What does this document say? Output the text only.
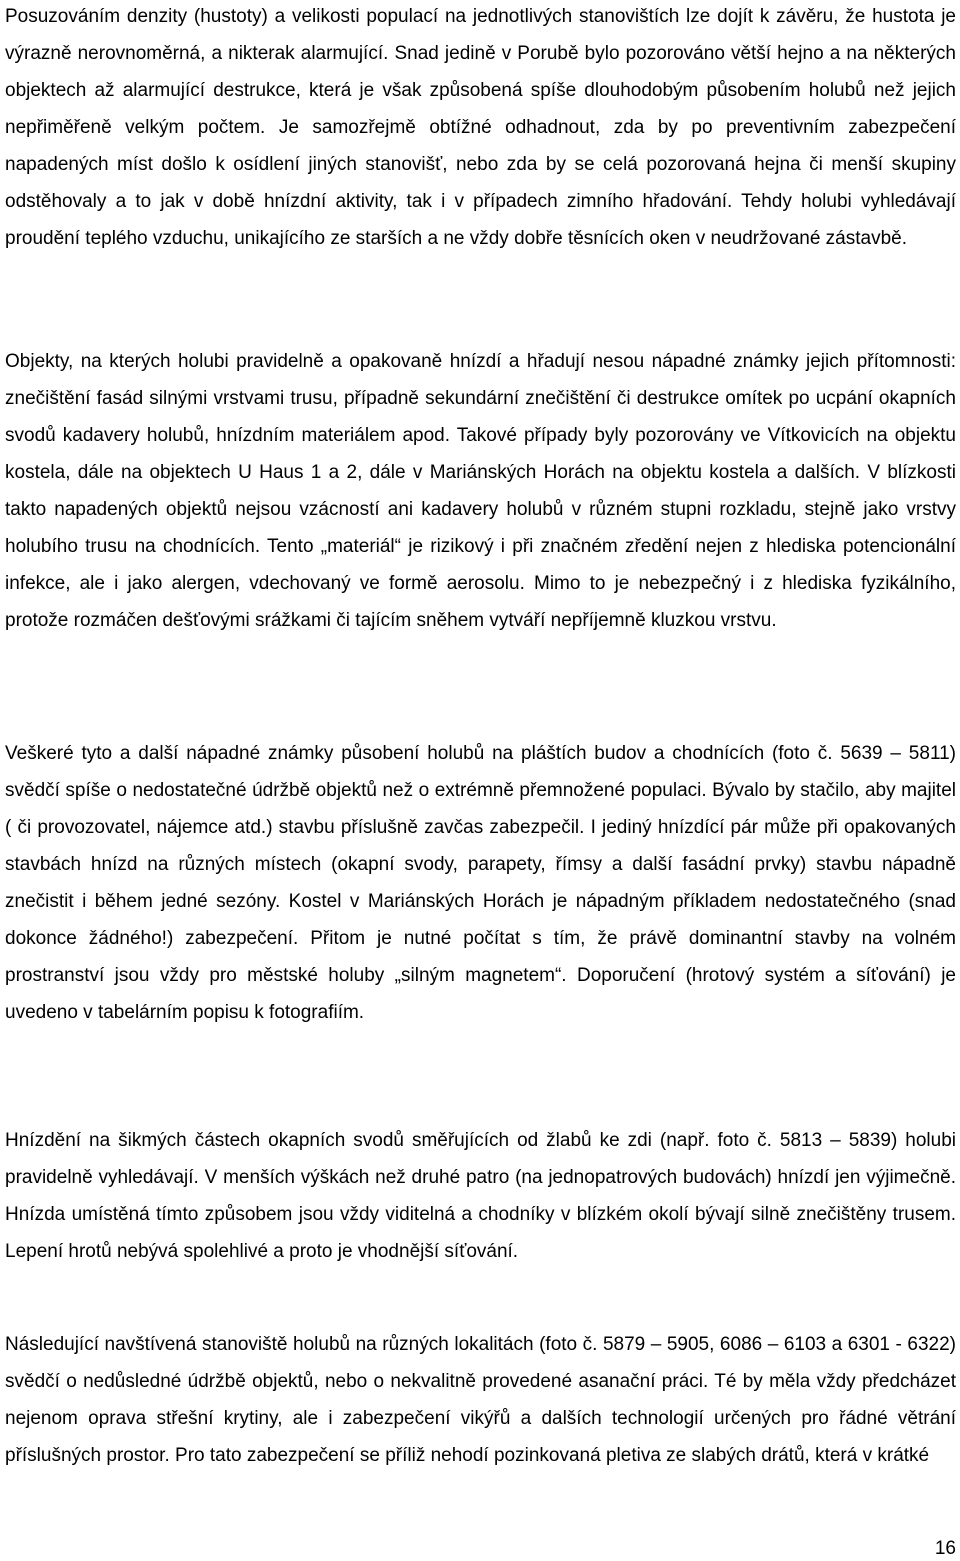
Posuzováním denzity (hustoty) a velikosti populací na jednotlivých stanovištích lze dojít k závěru, že hustota je výrazně nerovnoměrná, a nikterak alarmující. Snad jedině v Porubě bylo pozorováno větší hejno a na některých objektech až alarmující destrukce, která je však způsobená spíše dlouhodobým působením holubů než jejich nepřiměřeně velkým počtem. Je samozřejmě obtížné odhadnout, zda by po preventivním zabezpečení napadených míst došlo k osídlení jiných stanovišť, nebo zda by se celá pozorovaná hejna či menší skupiny odstěhovaly a to jak v době hnízdní aktivity, tak i v případech zimního hřadování. Tehdy holubi vyhledávají proudění teplého vzduchu, unikajícího ze starších a ne vždy dobře těsnících oken v neudržované zástavbě.

Objekty, na kterých holubi pravidelně a opakovaně hnízdí a hřadují nesou nápadné známky jejich přítomnosti: znečištění fasád silnými vrstvami trusu, případně sekundární znečištění či destrukce omítek po ucpání okapních svodů kadavery holubů, hnízdním materiálem apod. Takové případy byly pozorovány ve Vítkovicích na objektu kostela, dále na objektech U Haus 1 a 2, dále v Mariánských Horách na objektu kostela a dalších. V blízkosti takto napadených objektů nejsou vzácností ani kadavery holubů v různém stupni rozkladu, stejně jako vrstvy holubího trusu na chodnících. Tento „materiál“ je rizikový i při značném zředění nejen z hlediska potencionální infekce, ale i jako alergen, vdechovaný ve formě aerosolu. Mimo to je nebezpečný i z hlediska fyzikálního, protože rozmáčen dešťovými srážkami či tajícím sněhem vytváří nepříjemně kluzkou vrstvu.

Veškeré tyto a další nápadné známky působení holubů na pláštích budov a chodnících (foto č. 5639 – 5811) svědčí spíše o nedostatečné údržbě objektů než o extrémně přemnožené populaci. Bývalo by stačilo, aby majitel ( či provozovatel, nájemce atd.) stavbu příslušně zavčas zabezpečil. I jediný hnízdící pár může při opakovaných stavbách hnízd na různých místech (okapní svody, parapety, římsy a další fasádní prvky) stavbu nápadně znečistit i během jedné sezóny. Kostel v Mariánských Horách je nápadným příkladem nedostatečného (snad dokonce žádného!) zabezpečení. Přitom je nutné počítat s tím, že právě dominantní stavby na volném prostranství jsou vždy pro městské holuby „silným magnetem“. Doporučení (hrotový systém a síťování) je uvedeno v tabelárním popisu k fotografiím.

Hnízdění na šikmých částech okapních svodů směřujících od žlabů ke zdi (např. foto č. 5813 – 5839) holubi pravidelně vyhledávají. V menších výškách než druhé patro (na jednopatrových budovách) hnízdí jen výjimečně. Hnízda umístěná tímto způsobem jsou vždy viditelná a chodníky v blízkém okolí bývají silně znečištěny trusem. Lepení hrotů nebývá spolehlivé a proto je vhodnější síťování.

Následující navštívená stanoviště holubů na různých lokalitách (foto č. 5879 – 5905, 6086 – 6103 a 6301 - 6322) svědčí o nedůsledné údržbě objektů, nebo o nekvalitně provedené asanační práci. Té by měla vždy předcházet nejenom oprava střešní krytiny, ale i zabezpečení vikýřů a dalších technologií určených pro řádné větrání příslušných prostor. Pro tato zabezpečení se příliž nehodí pozinkovaná pletiva ze slabých drátů, která v krátké

16
